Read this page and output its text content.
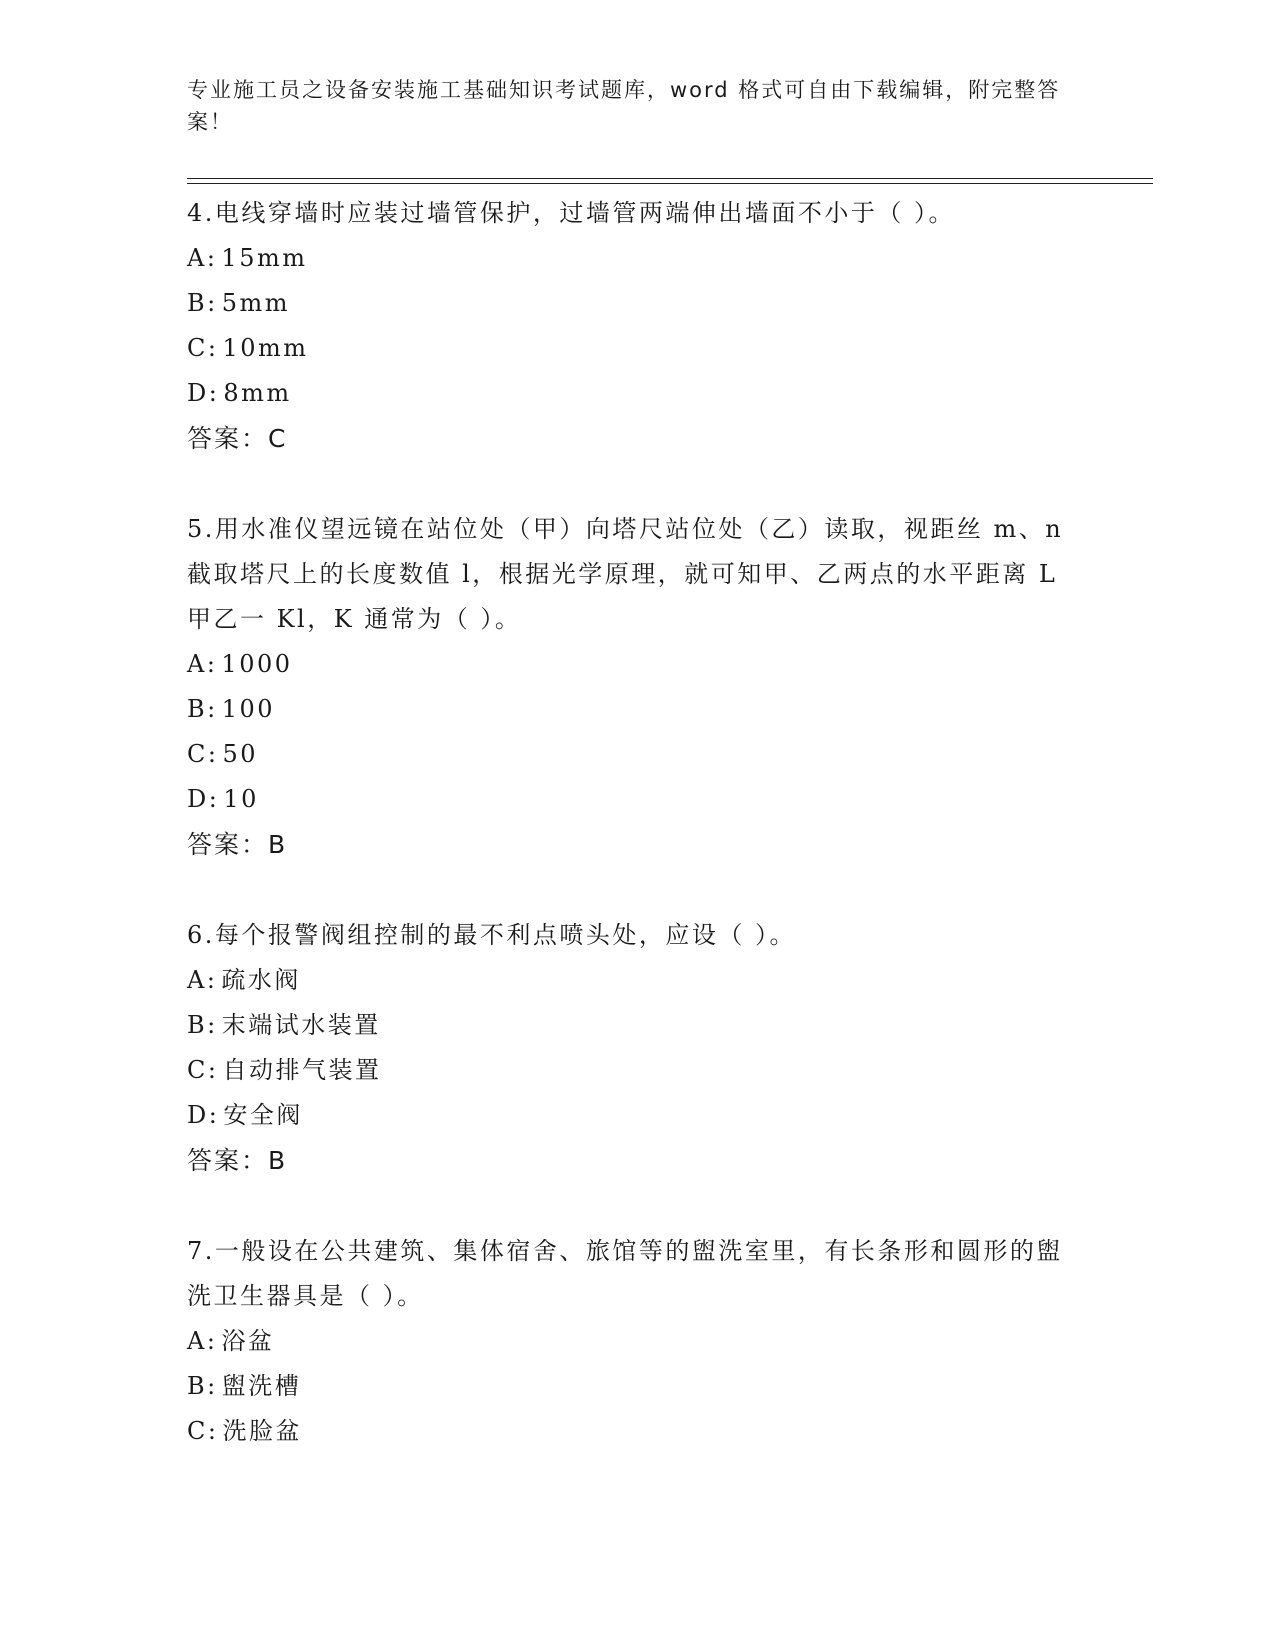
专业施工员之设备安装施工基础知识考试题库，word 格式可自由下载编辑，附完整答案！

4.电线穿墙时应装过墙管保护，过墙管两端伸出墙面不小于（ ）。

A: 15mm

B: 5mm

C: 10mm

D: 8mm

答案：C

5.用水准仪望远镜在站位处（甲）向塔尺站位处（乙）读取，视距丝 m、n 截取塔尺上的长度数值 l，根据光学原理，就可知甲、乙两点的水平距离 L 甲乙一 Kl，K 通常为（ ）。

A: 1000

B: 100

C: 50

D: 10

答案：B

6.每个报警阀组控制的最不利点喷头处，应设（ ）。

A: 疏水阀

B: 末端试水装置

C: 自动排气装置

D: 安全阀

答案：B

7.一般设在公共建筑、集体宿舍、旅馆等的盥洗室里，有长条形和圆形的盥洗卫生器具是（ ）。

A: 浴盆

B: 盥洗槽

C: 洗脸盆
